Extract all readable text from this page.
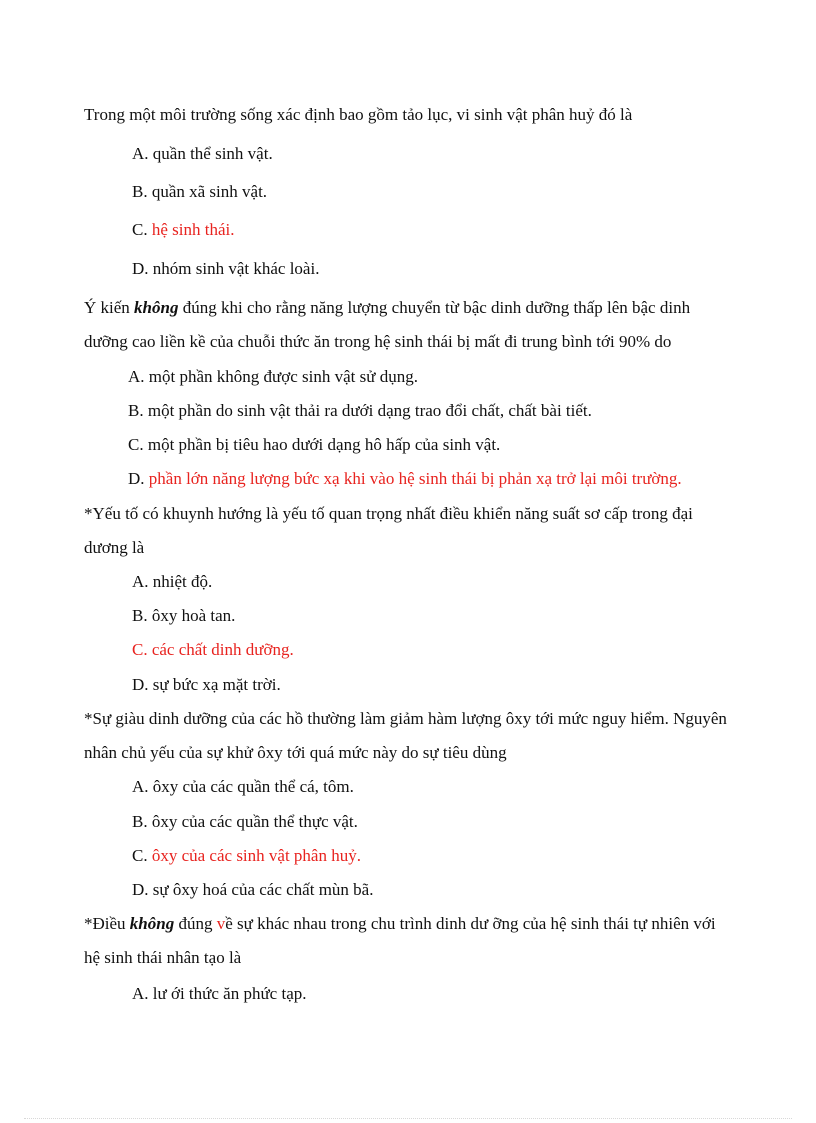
Trong một môi trường sống xác định bao gồm tảo lục, vi sinh vật phân huỷ đó là
A. quần thể sinh vật.
B. quần xã sinh vật.
C. hệ sinh thái.
D. nhóm sinh vật khác loài.
Ý kiến không đúng khi cho rằng năng lượng chuyển từ bậc dinh dưỡng thấp lên bậc dinh
dưỡng cao liền kề của chuỗi thức ăn trong hệ sinh thái bị mất đi trung bình tới 90% do
A. một phần không được sinh vật sử dụng.
B. một phần do sinh vật thải ra dưới dạng trao đổi chất, chất bài tiết.
C. một phần bị tiêu hao dưới dạng hô hấp của sinh vật.
D. phần lớn năng lượng bức xạ khi vào hệ sinh thái bị phản xạ trở lại môi trường.
*Yếu tố có khuynh hướng là yếu tố quan trọng nhất điều khiển năng suất sơ cấp trong đại
dương là
A. nhiệt độ.
B. ôxy hoà tan.
C. các chất dinh dưỡng.
D. sự bức xạ mặt trời.
*Sự giàu dinh dưỡng của các hồ thường làm giảm hàm lượng ôxy tới mức nguy hiểm. Nguyên
nhân chủ yếu của sự khử ôxy tới quá mức này do sự tiêu dùng
A. ôxy của các quần thể cá, tôm.
B. ôxy của các quần thể thực vật.
C. ôxy của các sinh vật phân huỷ.
D. sự ôxy hoá của các chất mùn bã.
*Điều không đúng về sự khác nhau trong chu trình dinh dư ỡng của hệ sinh thái tự nhiên với
hệ sinh thái nhân tạo là
A. lư ới thức ăn phức tạp.
